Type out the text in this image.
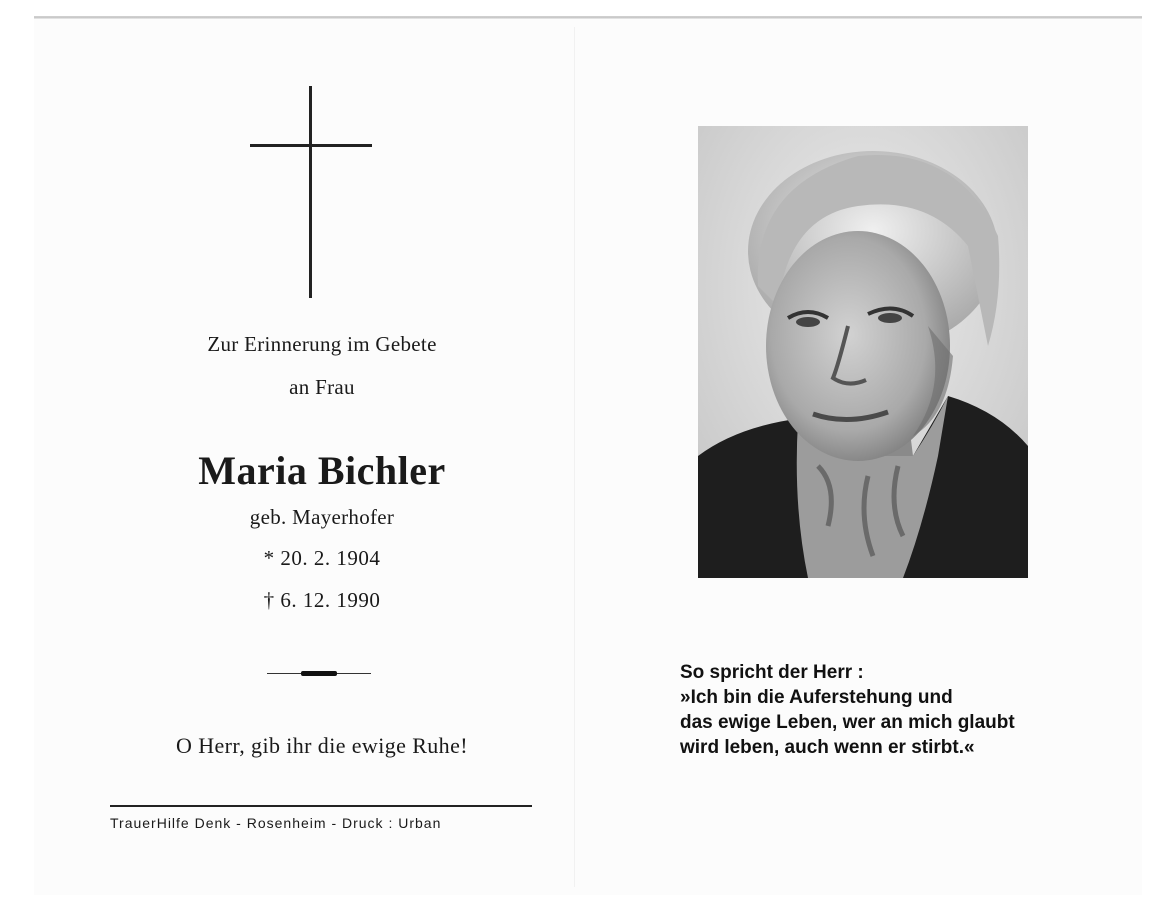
Zur Erinnerung im Gebete

an Frau

Maria Bichler

geb. Mayerhofer

* 20. 2. 1904

† 6. 12. 1990

O Herr, gib ihr die ewige Ruhe!

TrauerHilfe Denk - Rosenheim - Druck : Urban

So spricht der Herr :
»Ich bin die Auferstehung und
das ewige Leben, wer an mich glaubt
wird leben, auch wenn er stirbt.«
